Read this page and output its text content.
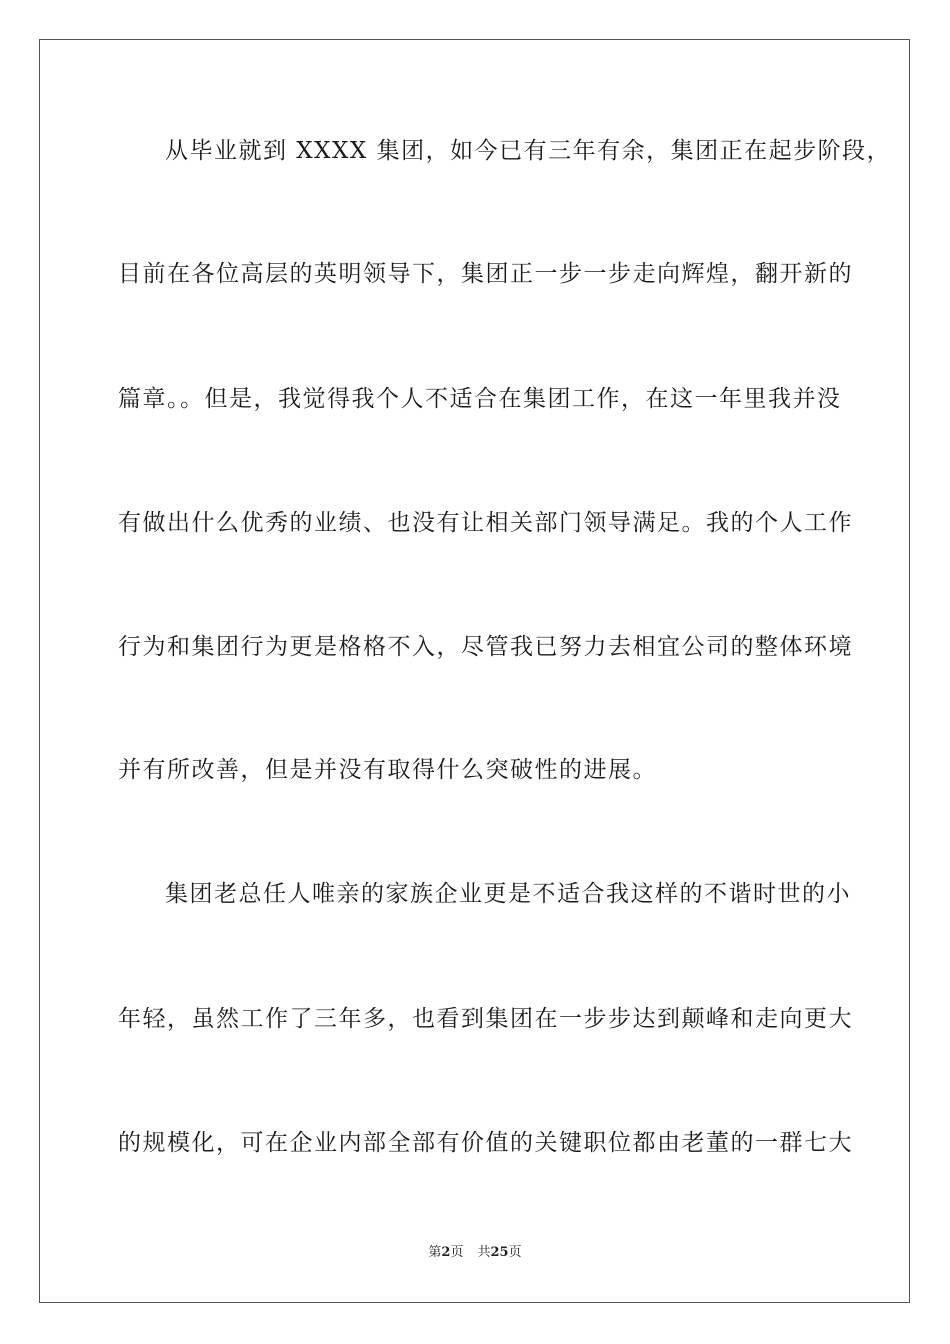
从毕业就到 XXXX 集团，如今已有三年有余，集团正在起步阶段，
目前在各位高层的英明领导下，集团正一步一步走向辉煌，翻开新的
篇章。。但是，我觉得我个人不适合在集团工作，在这一年里我并没
有做出什么优秀的业绩、也没有让相关部门领导满足。我的个人工作
行为和集团行为更是格格不入，尽管我已努力去相宜公司的整体环境
并有所改善，但是并没有取得什么突破性的进展。
集团老总任人唯亲的家族企业更是不适合我这样的不谐时世的小
年轻，虽然工作了三年多，也看到集团在一步步达到颠峰和走向更大
的规模化，可在企业内部全部有价值的关键职位都由老董的一群七大
第2页 共25页
